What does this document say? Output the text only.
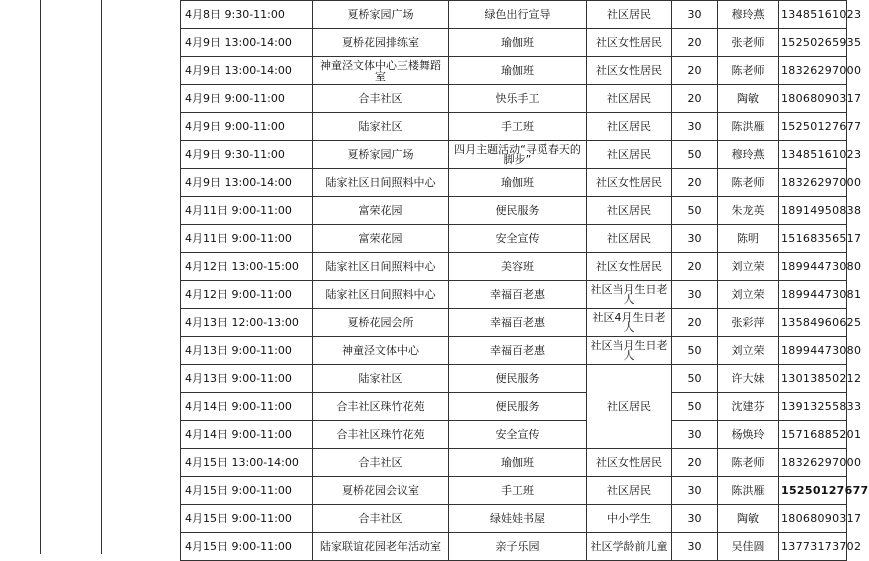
4月8日 9:30-11:00	夏桥家园广场	绿色出行宣导	社区居民	30	穆玲燕	13485161023
4月9日 13:00-14:00	夏桥花园排练室	瑜伽班	社区女性居民	20	张老师	15250265935
4月9日 13:00-14:00	神童泾文体中心三楼舞蹈室	瑜伽班	社区女性居民	20	陈老师	18326297000
4月9日 9:00-11:00	合丰社区	快乐手工	社区居民	20	陶敏	18068090317
4月9日 9:00-11:00	陆家社区	手工班	社区居民	30	陈洪雁	15250127677
4月9日 9:30-11:00	夏桥家园广场	四月主题活动“寻觅春天的脚步”	社区居民	50	穆玲燕	13485161023
4月9日 13:00-14:00	陆家社区日间照料中心	瑜伽班	社区女性居民	20	陈老师	18326297000
4月11日 9:00-11:00	富荣花园	便民服务	社区居民	50	朱龙英	18914950838
4月11日 9:00-11:00	富荣花园	安全宣传	社区居民	30	陈明	15168356517
4月12日 13:00-15:00	陆家社区日间照料中心	美容班	社区女性居民	20	刘立荣	18994473080
4月12日 9:00-11:00	陆家社区日间照料中心	幸福百老惠	社区当月生日老人	30	刘立荣	18994473081
4月13日 12:00-13:00	夏桥花园会所	幸福百老惠	社区4月生日老人	20	张彩萍	13584960625
4月13日 9:00-11:00	神童泾文体中心	幸福百老惠	社区当月生日老人	50	刘立荣	18994473080
4月13日 9:00-11:00	陆家社区	便民服务	社区居民	50	许大妹	13013850212
4月14日 9:00-11:00	合丰社区珠竹花苑	便民服务		50	沈建芬	13913255833
4月14日 9:00-11:00	合丰社区珠竹花苑	安全宣传		30	杨焕玲	15716885201
4月15日 13:00-14:00	合丰社区	瑜伽班	社区女性居民	20	陈老师	18326297000
4月15日 9:00-11:00	夏桥花园会议室	手工班	社区居民	30	陈洪雁	15250127677
4月15日 9:00-11:00	合丰社区	绿娃娃书屋	中小学生	30	陶敏	18068090317
4月15日 9:00-11:00	陆家联谊花园老年活动室	亲子乐园	社区学龄前儿童	30	吴佳圆	13773173702
